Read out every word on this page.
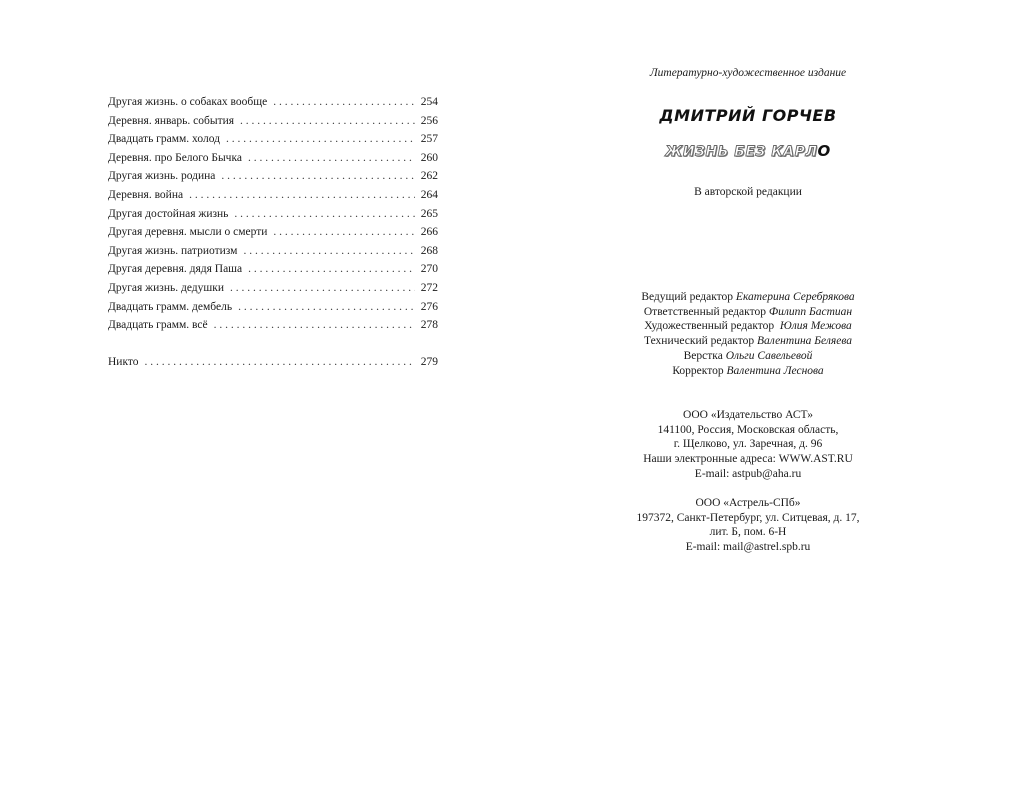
Другая жизнь. о собаках вообще . . .	254
Деревня. январь. события . . .	256
Двадцать грамм. холод . . .	257
Деревня. про Белого Бычка . . .	260
Другая жизнь. родина . . .	262
Деревня. война . . .	264
Другая достойная жизнь . . .	265
Другая деревня. мысли о смерти . . .	266
Другая жизнь. патриотизм . . .	268
Другая деревня. дядя Паша . . .	270
Другая жизнь. дедушки . . .	272
Двадцать грамм. дембель . . .	276
Двадцать грамм. всё . . .	278
Никто . . .	279
Литературно-художественное издание
ДМИТРИЙ ГОРЧЕВ
ЖИЗНЬ БЕЗ КАРЛО
В авторской редакции
Ведущий редактор Екатерина Серебрякова
Ответственный редактор Филипп Бастиан
Художественный редактор Юлия Межова
Технический редактор Валентина Беляева
Верстка Ольги Савельевой
Корректор Валентина Леснова
ООО «Издательство АСТ»
141100, Россия, Московская область,
г. Щелково, ул. Заречная, д. 96
Наши электронные адреса: WWW.AST.RU
E-mail: astpub@aha.ru
ООО «Астрель-СПб»
197372, Санкт-Петербург, ул. Ситцевая, д. 17,
лит. Б, пом. 6-Н
E-mail: mail@astrel.spb.ru
